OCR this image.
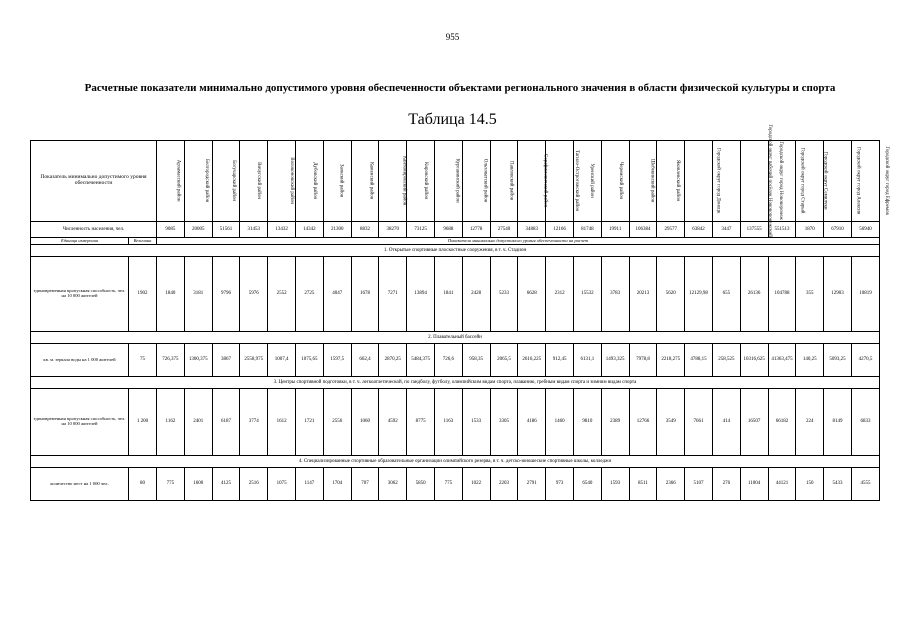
955
Расчетные показатели минимально допустимого уровня обеспеченности объектами регионального значения в области физической культуры и спорта
Таблица 14.5
Показатель минимально допустимого уровня обеспеченности		Арзамасский район	Белгородский район	Богучарский район	Вичугский район	Волоконовский район	Дубовский район	Заокский район	Каменский район	Кантемировский район	Кировский район	Курганинский район	Ольховатский район	Павловский район	Серафимовичский район	Тагило-Острогожский район	Уренский район	Черемский район	Шебекинский район	Яковлевский район	Городской округ город Донецк	Городской округ рабочий посёлок Нововоронежский	Городской округ город Нововоронеж	Городской округ город Старый	Городской округ Семилуки	Городской округ город Алексин	Городской округ город Ефремов
Численность населения, чел.		9085	20005	51561	31453	13432	14342	21300	8832	38270	73125	9688	12778	27540	34883	12166	81748	19911	106384	29577	63842	3447	137555	551513	1870	67910	56940
Единица измерения	Величина	Показатели минимально допустимого уровня обеспеченности на расчет																									
1. Открытые спортивные плоскостные сооружения, в т. ч. Стадион																											
единовременная пропускная способность, чел. на 10 000 жителей	1902	1840	3181	9796	5976	2552	2725	4047	1678	7271	13894	1841	2428	5233	6628	2312	15532	3783	20213	5620	12129,98	655	26136	104788	355	12903	10819
2. Плавательный бассейн																											
кв. м. зеркала воды на 1 000 жителей	75	726,375	1300,375	3867	2558,975	1007,4	1075,65	1597,5	662,4	2870,25	5484,375	726,6	958,35	2065,5	2616,225	912,45	6131,1	1493,325	7978,8	2218,275	4788,15	258,525	10316,625	41363,475	140,25	5093,25	4270,5
3. Центры спортивной подготовки, в т. ч. легкоатлетической, по гандболу, футболу, олимпийским видам спорта, плаванию, гребным видам спорта и зимним видам спорта																											
единовременная пропускная способность, чел. на 10 000 жителей	1 200	1162	2401	6187	3774	1612	1721	2556	1060	4592	8775	1163	1533	3305	4186	1460	9810	2389	12766	3549	7661	414	16507	66182	224	8149	6833
4. Специализированные спортивные образовательные организации олимпийского резерва, в т. ч. детско-юношеские спортивные школы, колледжи																											
количество мест на 1 000 чел.	80	775	1600	4125	2516	1075	1147	1704	707	3062	5850	775	1022	2203	2791	973	6540	1593	8511	2366	5107	276	11004	44121	150	5433	4555
